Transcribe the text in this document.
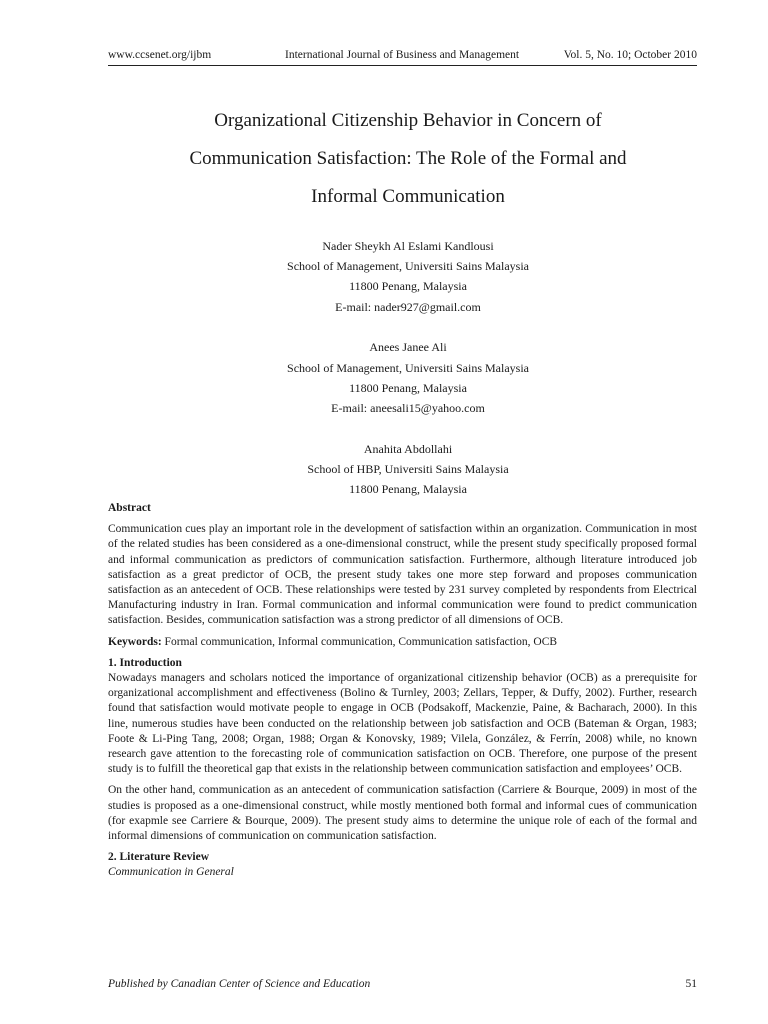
www.ccsenet.org/ijbm	International Journal of Business and Management	Vol. 5, No. 10; October 2010
Organizational Citizenship Behavior in Concern of
Communication Satisfaction: The Role of the Formal and
Informal Communication
Nader Sheykh Al Eslami Kandlousi
School of Management, Universiti Sains Malaysia
11800 Penang, Malaysia
E-mail: nader927@gmail.com
Anees Janee Ali
School of Management, Universiti Sains Malaysia
11800 Penang, Malaysia
E-mail: aneesali15@yahoo.com
Anahita Abdollahi
School of HBP, Universiti Sains Malaysia
11800 Penang, Malaysia
Abstract

Communication cues play an important role in the development of satisfaction within an organization. Communication in most of the related studies has been considered as a one-dimensional construct, while the present study specifically proposed formal and informal communication as predictors of communication satisfaction. Furthermore, although literature introduced job satisfaction as a great predictor of OCB, the present study takes one more step forward and proposes communication satisfaction as an antecedent of OCB. These relationships were tested by 231 survey completed by respondents from Electrical Manufacturing industry in Iran. Formal communication and informal communication were found to predict communication satisfaction. Besides, communication satisfaction was a strong predictor of all dimensions of OCB.

Keywords: Formal communication, Informal communication, Communication satisfaction, OCB

1. Introduction

Nowadays managers and scholars noticed the importance of organizational citizenship behavior (OCB) as a prerequisite for organizational accomplishment and effectiveness (Bolino & Turnley, 2003; Zellars, Tepper, & Duffy, 2002). Further, research found that satisfaction would motivate people to engage in OCB (Podsakoff, Mackenzie, Paine, & Bacharach, 2000). In this line, numerous studies have been conducted on the relationship between job satisfaction and OCB (Bateman & Organ, 1983; Foote & Li-Ping Tang, 2008; Organ, 1988; Organ & Konovsky, 1989; Vilela, González, & Ferrín, 2008) while, no known research gave attention to the forecasting role of communication satisfaction on OCB. Therefore, one purpose of the present study is to fulfill the theoretical gap that exists in the relationship between communication satisfaction and employees’ OCB.

On the other hand, communication as an antecedent of communication satisfaction (Carriere & Bourque, 2009) in most of the studies is proposed as a one-dimensional construct, while mostly mentioned both formal and informal cues of communication (for exapmle see Carriere & Bourque, 2009). The present study aims to determine the unique role of each of the formal and informal dimensions of communication on communication satisfaction.

2. Literature Review
Communication in General
Published by Canadian Center of Science and Education	51
